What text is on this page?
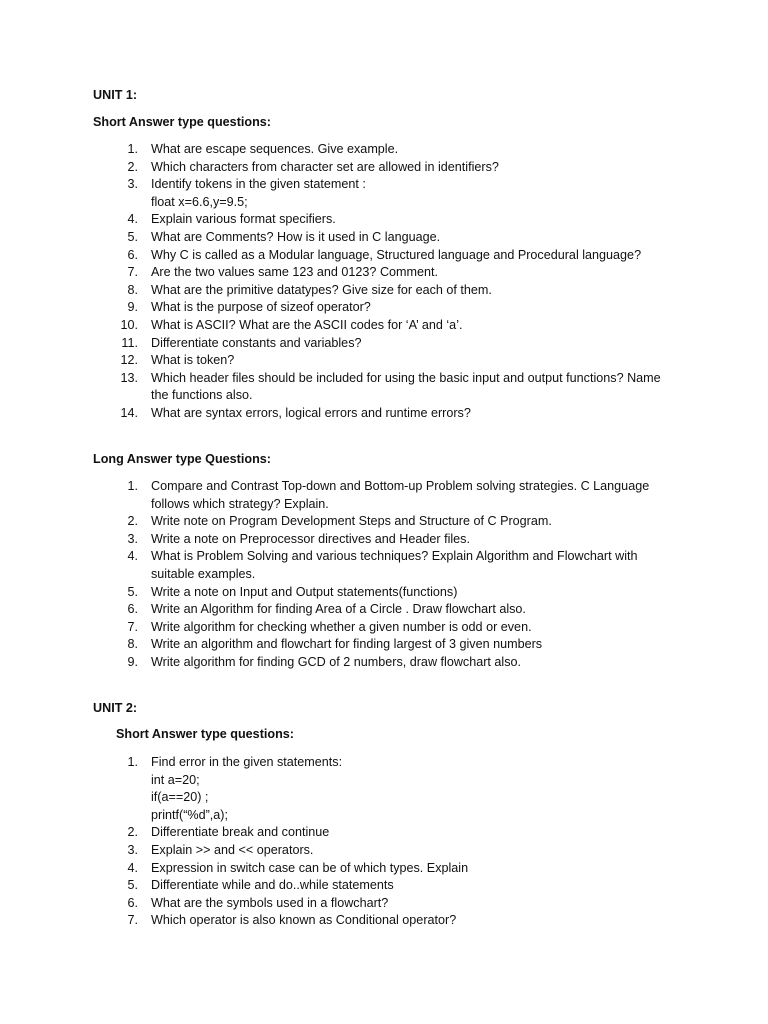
UNIT 1:
Short Answer type questions:
1. What are escape sequences. Give example.
2. Which characters from character set are allowed in identifiers?
3. Identify tokens in the given statement :
float x=6.6,y=9.5;
4. Explain various format specifiers.
5. What are Comments? How is it used in C language.
6. Why C is called as a Modular language, Structured language and Procedural language?
7. Are the two values same 123 and 0123? Comment.
8. What are the primitive datatypes? Give size for each of them.
9. What is the purpose of sizeof operator?
10. What is ASCII? What are the ASCII codes for ‘A’ and ‘a’.
11. Differentiate constants and variables?
12. What is token?
13. Which header files should be included for using the basic input and output functions? Name
the functions also.
14. What are syntax errors, logical errors and runtime errors?
Long Answer type Questions:
1. Compare and Contrast Top-down and Bottom-up Problem solving strategies. C Language
follows which strategy? Explain.
2. Write note on Program Development Steps and Structure of C Program.
3. Write a note on Preprocessor directives and Header files.
4. What is Problem Solving and various techniques? Explain Algorithm and Flowchart with
suitable examples.
5. Write a note on Input and Output statements(functions)
6. Write an Algorithm for finding Area of a Circle . Draw flowchart also.
7. Write algorithm for checking whether a given number is odd or even.
8. Write an algorithm and flowchart for finding largest of 3 given numbers
9. Write algorithm for finding GCD of 2 numbers, draw flowchart also.
UNIT 2:
Short Answer type questions:
1. Find error in the given statements:
int a=20;
if(a==20) ;
printf(“%d”,a);
2. Differentiate break and continue
3. Explain >> and << operators.
4. Expression in switch case can be of which types. Explain
5. Differentiate while and do..while statements
6. What are the symbols used in a flowchart?
7. Which operator is also known as Conditional operator?
